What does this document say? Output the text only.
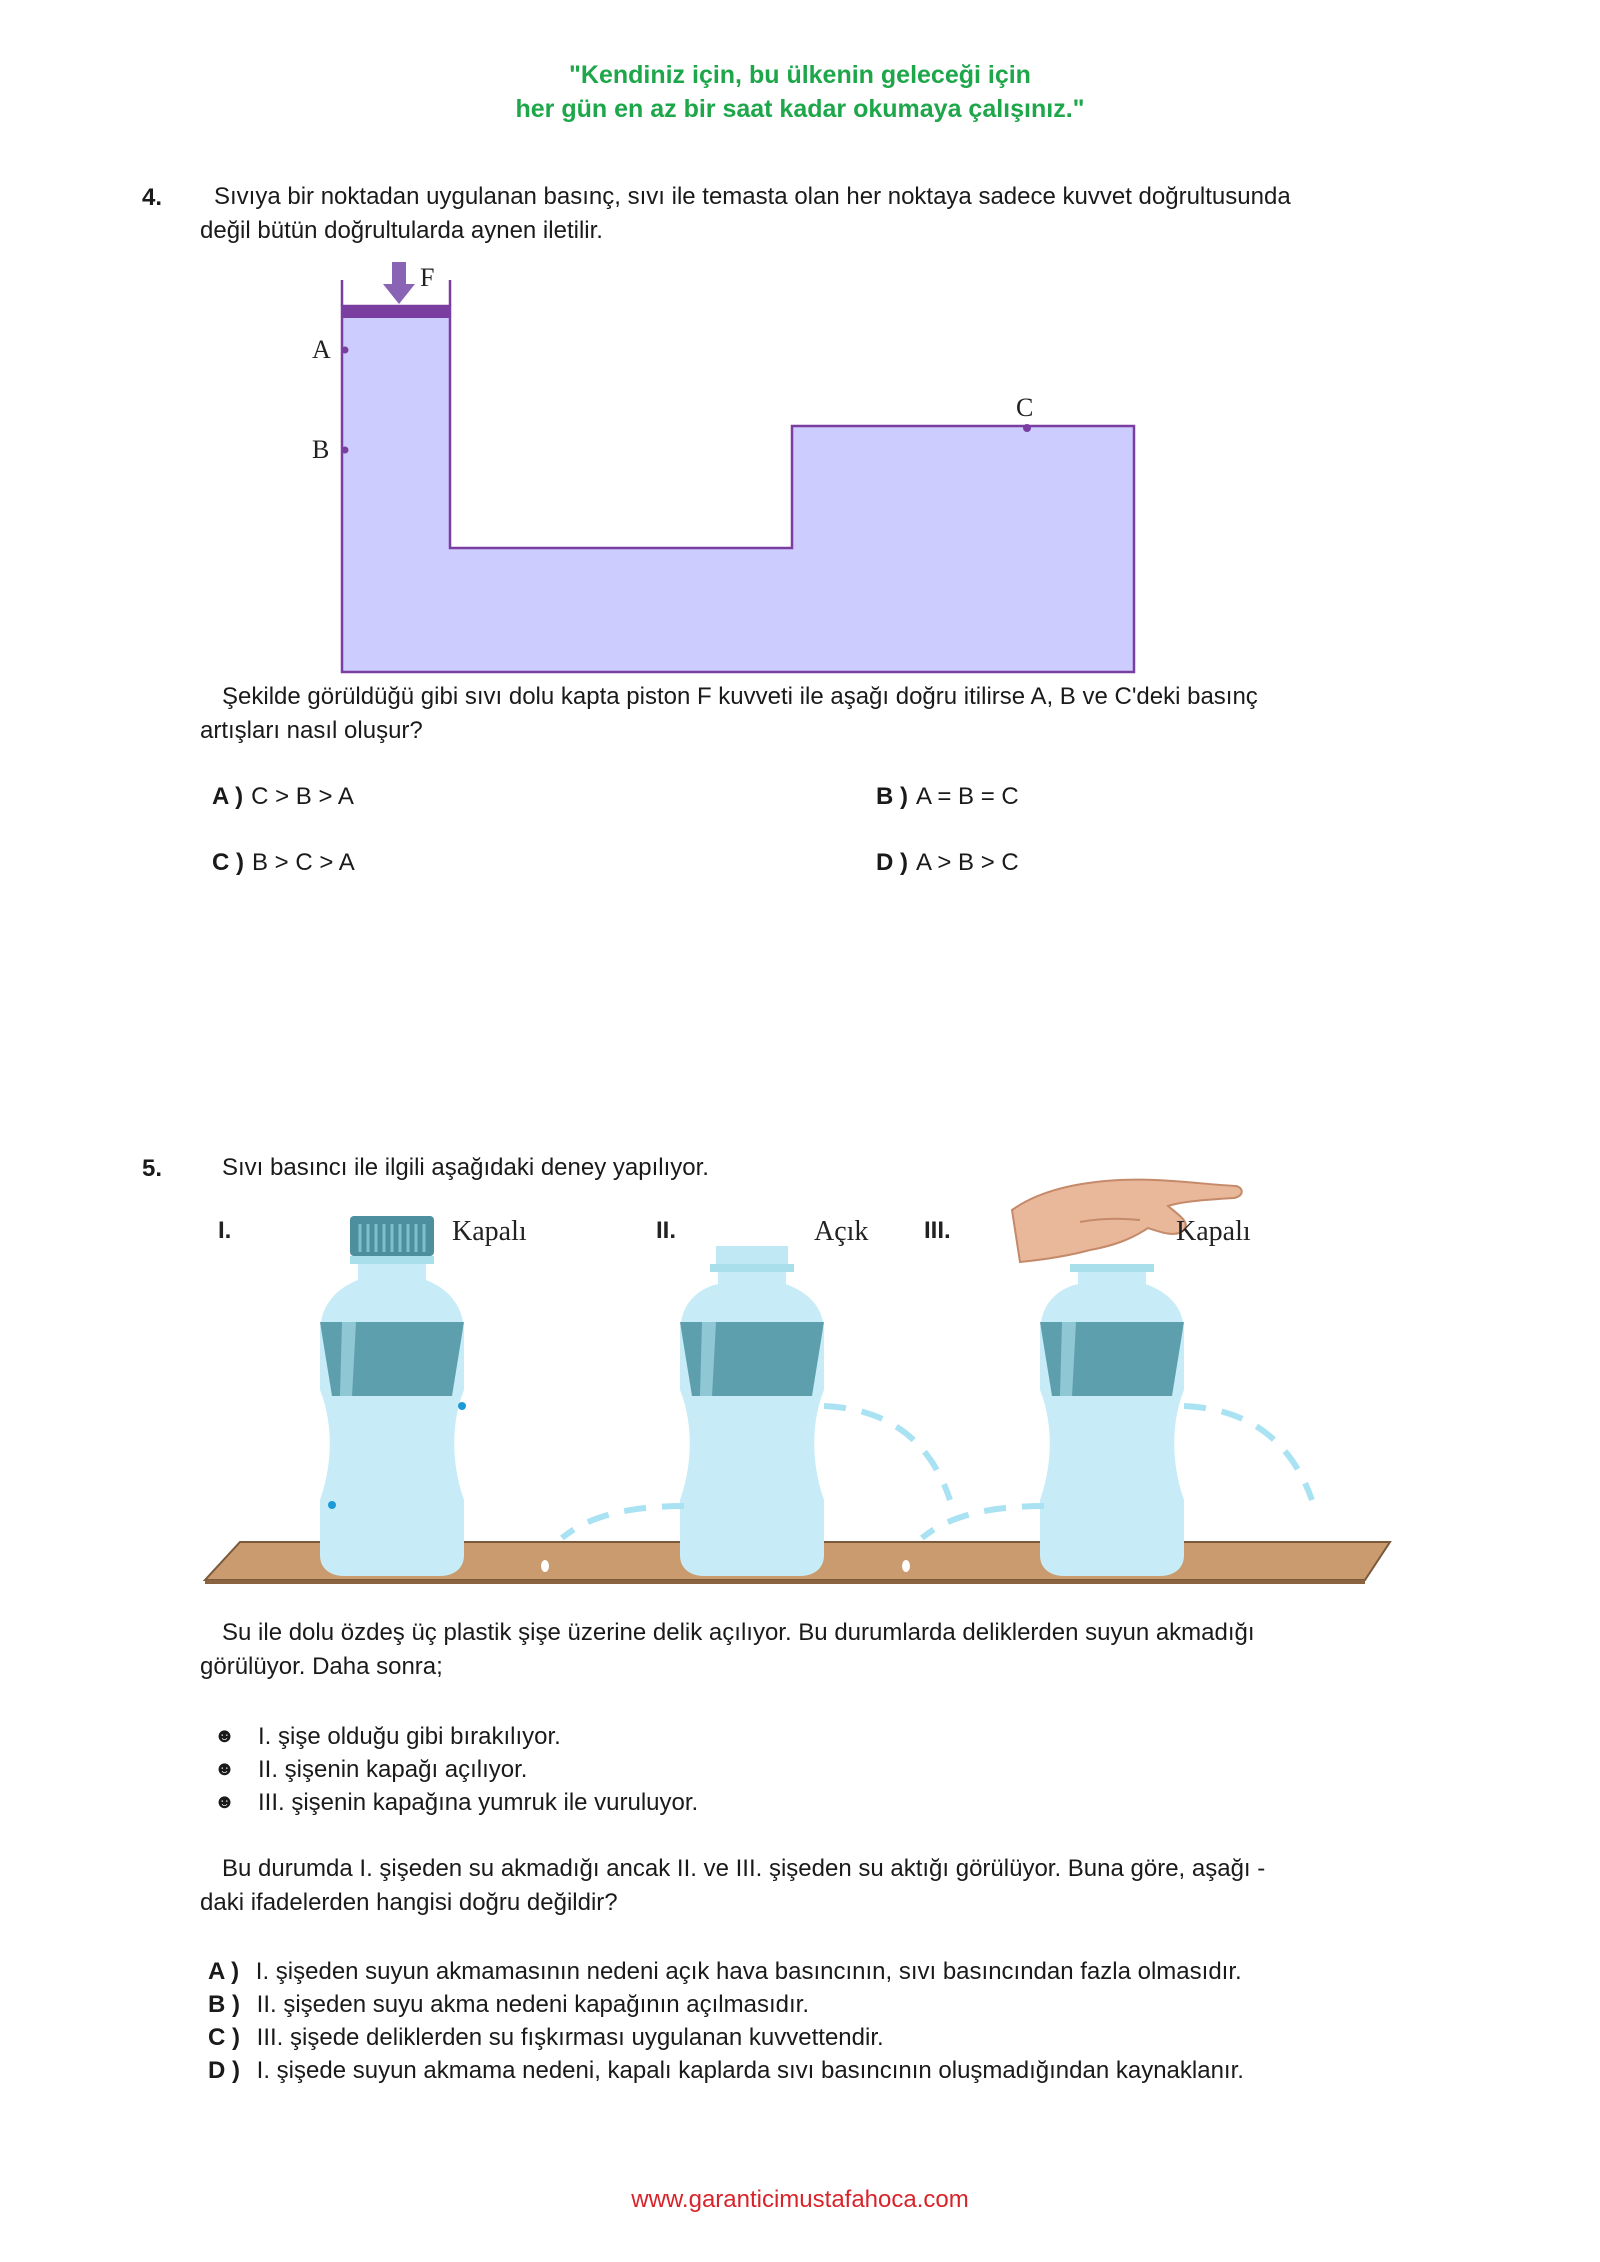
"Kendiniz için, bu ülkenin geleceği için
her gün en az bir saat kadar okumaya çalışınız."
4. Sıvıya bir noktadan uygulanan basınç, sıvı ile temasta olan her noktaya sadece kuvvet doğrultusunda
değil bütün doğrultularda aynen iletilir.
F
A
B
C
Şekilde görüldüğü gibi sıvı dolu kapta piston F kuvveti ile aşağı doğru itilirse A, B ve C'deki basınç
artışları nasıl oluşur?
A ) C > B > A	B ) A = B = C
C ) B > C > A	D ) A > B > C
5. Sıvı basıncı ile ilgili aşağıdaki deney yapılıyor.
Kapalı
I.	Açık
II.	Kapalı
III.
Su ile dolu özdeş üç plastik şişe üzerine delik açılıyor. Bu durumlarda deliklerden suyun akmadığı
görülüyor. Daha sonra;
☻ I. şişe olduğu gibi bırakılıyor.
☻ II. şişenin kapağı açılıyor.
☻ III. şişenin kapağına yumruk ile vuruluyor.
Bu durumda I. şişeden su akmadığı ancak II. ve III. şişeden su aktığı görülüyor. Buna göre, aşağı -
daki ifadelerden hangisi doğru değildir?
A ) I. şişeden suyun akmamasının nedeni açık hava basıncının, sıvı basıncından fazla olmasıdır.
B ) II. şişeden suyu akma nedeni kapağının açılmasıdır.
C ) III. şişede deliklerden su fışkırması uygulanan kuvvettendir.
D ) I. şişede suyun akmama nedeni, kapalı kaplarda sıvı basıncının oluşmadığından kaynaklanır.
www.garanticimustafahoca.com
